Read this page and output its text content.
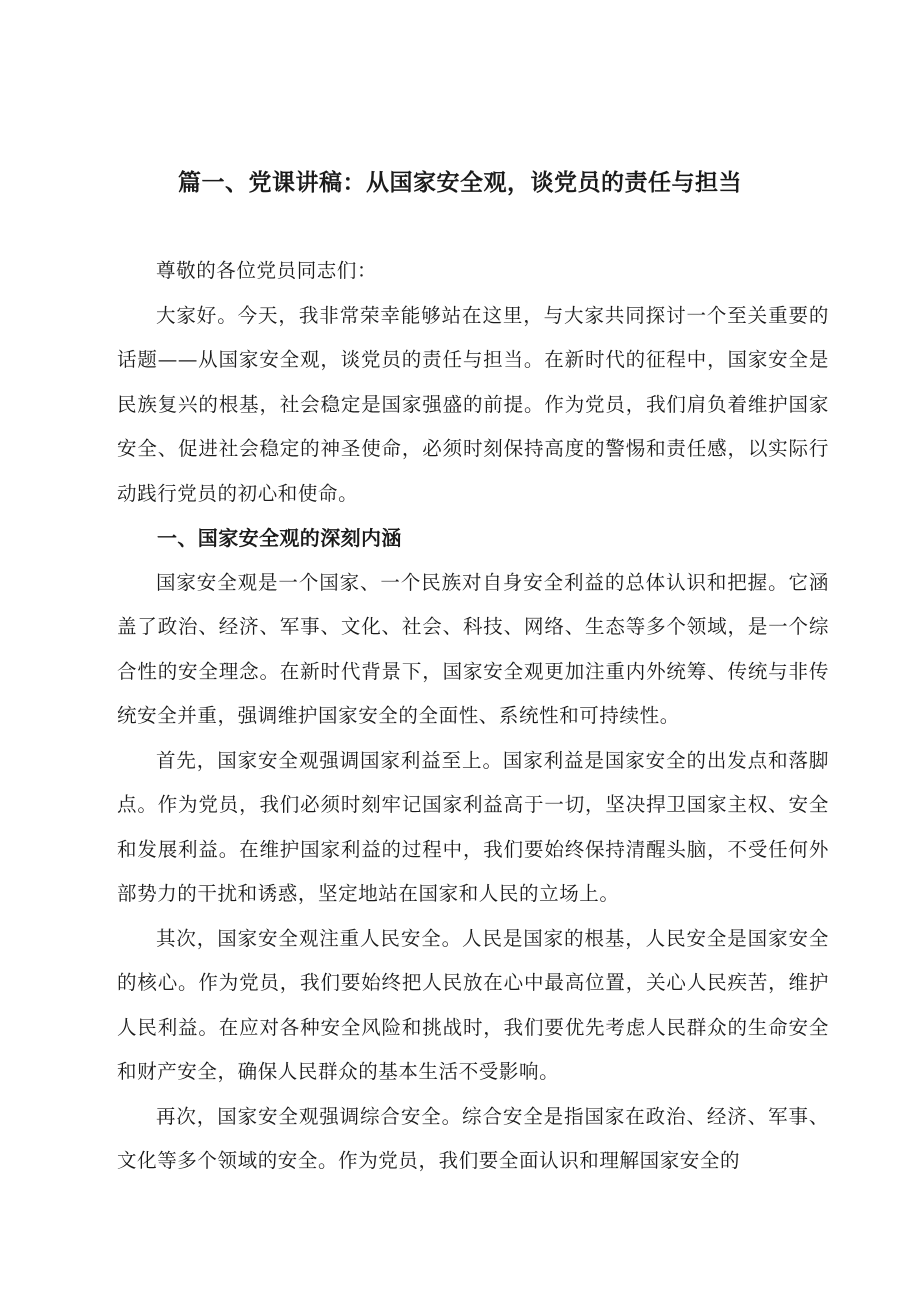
篇一、党课讲稿：从国家安全观，谈党员的责任与担当

尊敬的各位党员同志们：

大家好。今天，我非常荣幸能够站在这里，与大家共同探讨一个至关重要的话题——从国家安全观，谈党员的责任与担当。在新时代的征程中，国家安全是民族复兴的根基，社会稳定是国家强盛的前提。作为党员，我们肩负着维护国家安全、促进社会稳定的神圣使命，必须时刻保持高度的警惕和责任感，以实际行动践行党员的初心和使命。

一、国家安全观的深刻内涵

国家安全观是一个国家、一个民族对自身安全利益的总体认识和把握。它涵盖了政治、经济、军事、文化、社会、科技、网络、生态等多个领域，是一个综合性的安全理念。在新时代背景下，国家安全观更加注重内外统筹、传统与非传统安全并重，强调维护国家安全的全面性、系统性和可持续性。

首先，国家安全观强调国家利益至上。国家利益是国家安全的出发点和落脚点。作为党员，我们必须时刻牢记国家利益高于一切，坚决捍卫国家主权、安全和发展利益。在维护国家利益的过程中，我们要始终保持清醒头脑，不受任何外部势力的干扰和诱惑，坚定地站在国家和人民的立场上。

其次，国家安全观注重人民安全。人民是国家的根基，人民安全是国家安全的核心。作为党员，我们要始终把人民放在心中最高位置，关心人民疾苦，维护人民利益。在应对各种安全风险和挑战时，我们要优先考虑人民群众的生命安全和财产安全，确保人民群众的基本生活不受影响。

再次，国家安全观强调综合安全。综合安全是指国家在政治、经济、军事、文化等多个领域的安全。作为党员，我们要全面认识和理解国家安全的
